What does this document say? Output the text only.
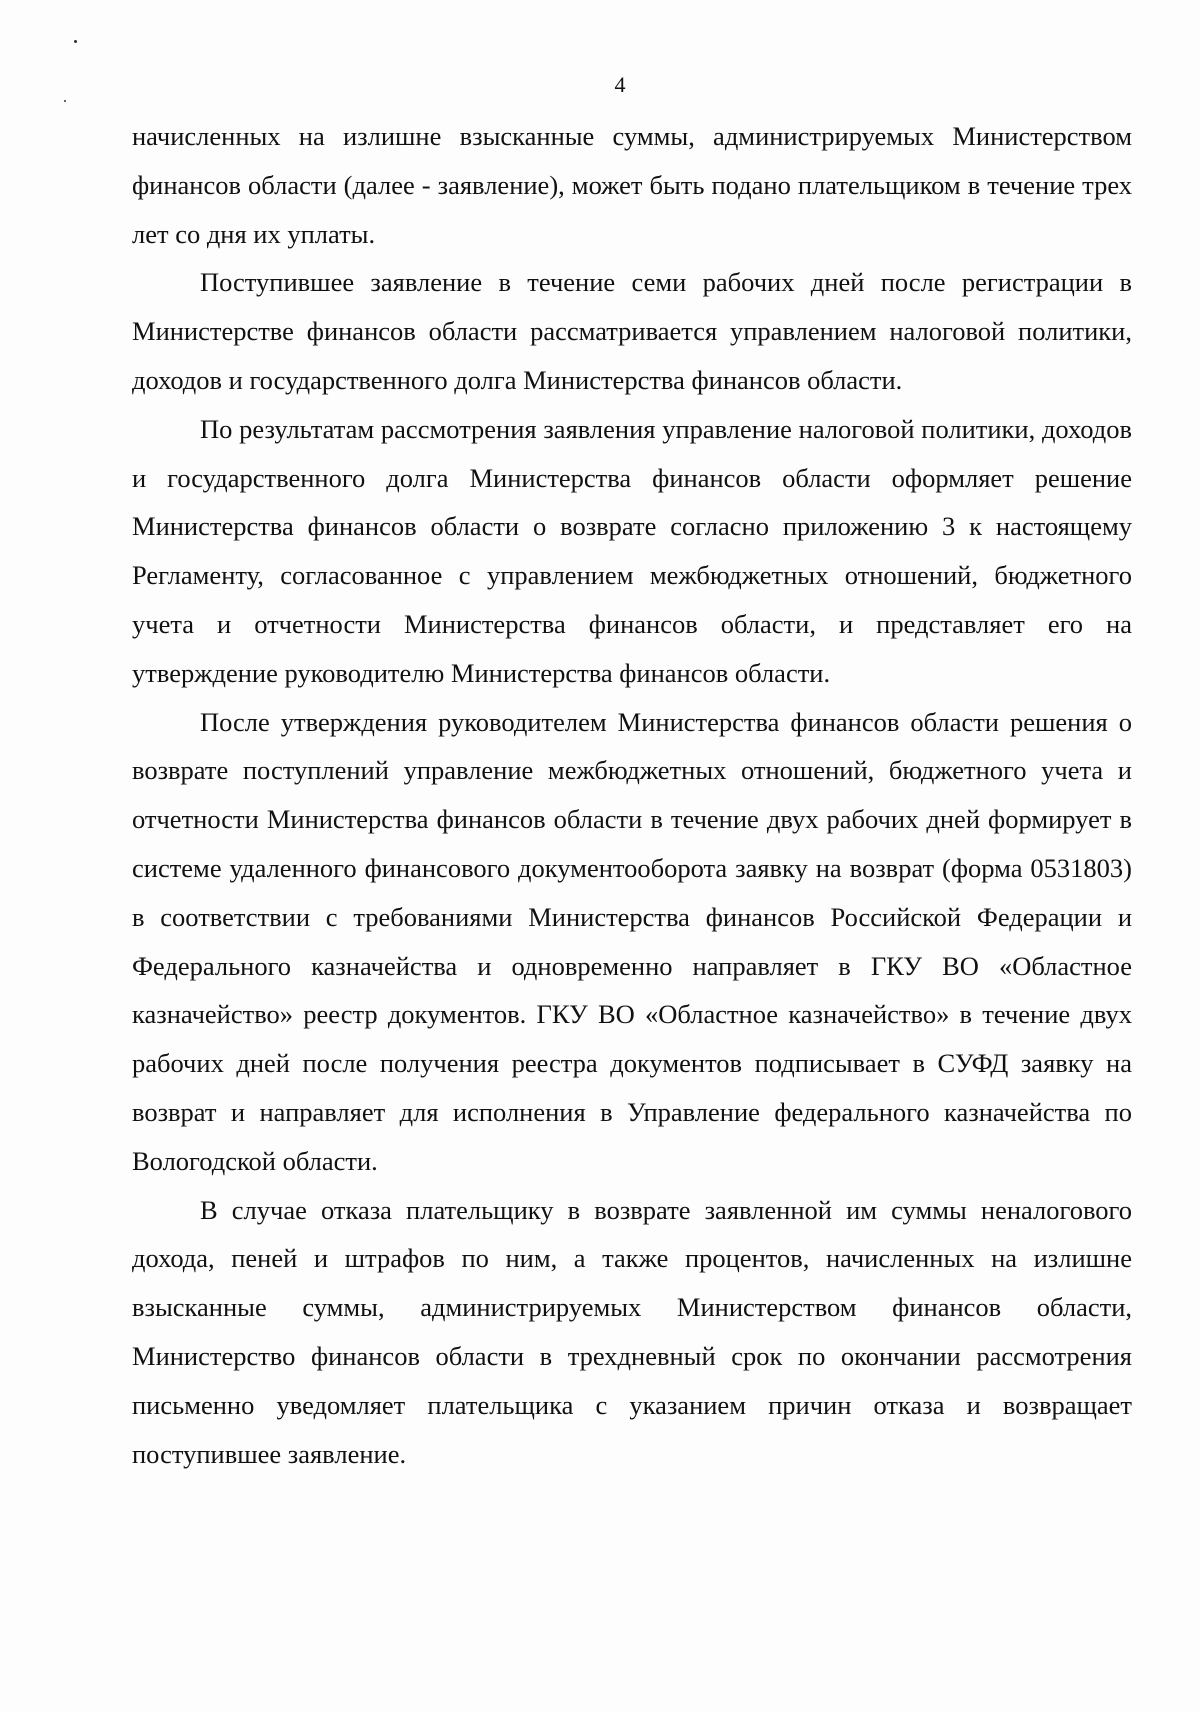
4

начисленных на излишне взысканные суммы, администрируемых Министерством финансов области (далее - заявление), может быть подано плательщиком в течение трех лет со дня их уплаты.

Поступившее заявление в течение семи рабочих дней после регистрации в Министерстве финансов области рассматривается управлением налоговой политики, доходов и государственного долга Министерства финансов области.

По результатам рассмотрения заявления управление налоговой политики, доходов и государственного долга Министерства финансов области оформляет решение Министерства финансов области о возврате согласно приложению 3 к настоящему Регламенту, согласованное с управлением межбюджетных отношений, бюджетного учета и отчетности Министерства финансов области, и представляет его на утверждение руководителю Министерства финансов области.

После утверждения руководителем Министерства финансов области решения о возврате поступлений управление межбюджетных отношений, бюджетного учета и отчетности Министерства финансов области в течение двух рабочих дней формирует в системе удаленного финансового документооборота заявку на возврат (форма 0531803) в соответствии с требованиями Министерства финансов Российской Федерации и Федерального казначейства и одновременно направляет в ГКУ ВО «Областное казначейство» реестр документов. ГКУ ВО «Областное казначейство» в течение двух рабочих дней после получения реестра документов подписывает в СУФД заявку на возврат и направляет для исполнения в Управление федерального казначейства по Вологодской области.

В случае отказа плательщику в возврате заявленной им суммы неналогового дохода, пеней и штрафов по ним, а также процентов, начисленных на излишне взысканные суммы, администрируемых Министерством финансов области, Министерство финансов области в трехдневный срок по окончании рассмотрения письменно уведомляет плательщика с указанием причин отказа и возвращает поступившее заявление.
